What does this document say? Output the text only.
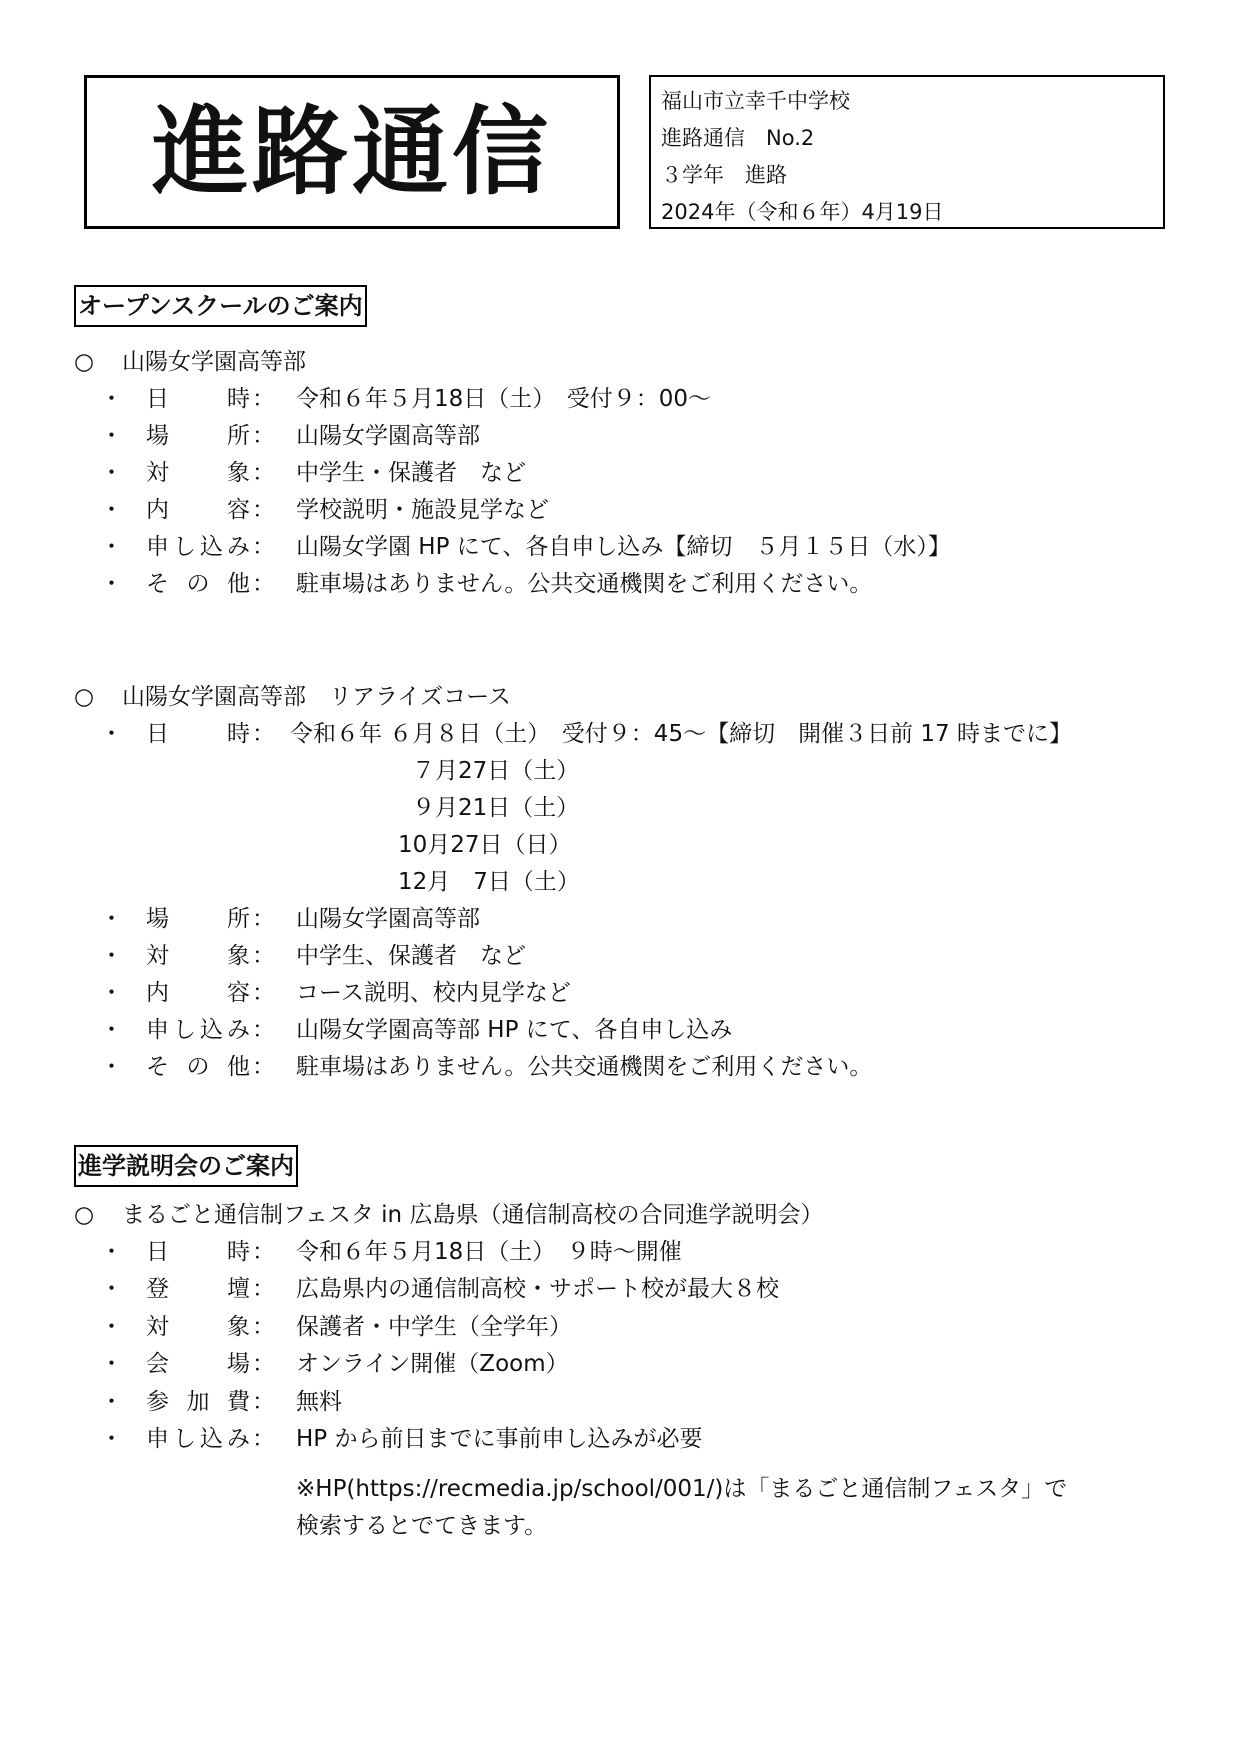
進路通信	福山市立幸千中学校
進路通信　No.2
３学年　進路
2024年（令和６年）4月19日
オープンスクールのご案内
○ 山陽女学園高等部
・ 日	時 ： 令和６年５月18日（土）　受付９：00～
・ 場	所 ： 山陽女学園高等部
・ 対	象 ： 中学生・保護者　など
・ 内	容 ： 学校説明・施設見学など
・ 申 し 込 み ： 山陽女学園 HP にて、各自申し込み【締切　５月１５日（水）】
・ そ の 他 ： 駐車場はありません。公共交通機関をご利用ください。
○ 山陽女学園高等部　リアライズコース
・ 日	時 ： 令和６年 ６月８日（土）　受付９：45～【締切　開催３日前 17 時までに】
７月27日（土）
９月21日（土）
10月27日（日）
12月　7日（土）
・ 場	所 ： 山陽女学園高等部
・ 対	象 ： 中学生、保護者　など
・ 内	容 ： コース説明、校内見学など
・ 申 し 込 み ： 山陽女学園高等部 HP にて、各自申し込み
・ そ の 他 ： 駐車場はありません。公共交通機関をご利用ください。
進学説明会のご案内
○ まるごと通信制フェスタ in 広島県（通信制高校の合同進学説明会）
・ 日	時 ： 令和６年５月18日（土）　９時～開催
・ 登	壇 ： 広島県内の通信制高校・サポート校が最大８校
・ 対	象 ： 保護者・中学生（全学年）
・ 会	場 ： オンライン開催（Zoom）
・ 参 加 費 ： 無料
・ 申 し 込 み ： HP から前日までに事前申し込みが必要
※HP(https://recmedia.jp/school/001/)は「まるごと通信制フェスタ」で
検索するとでてきます。
